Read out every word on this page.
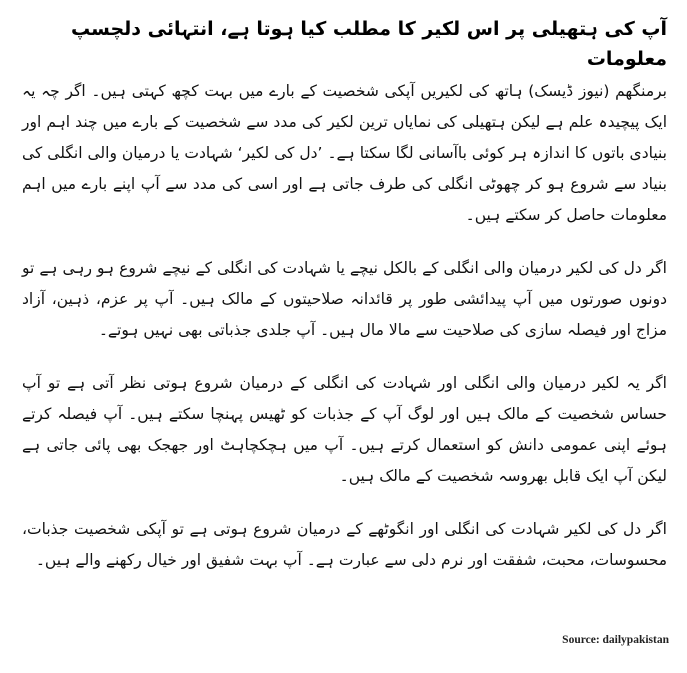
آپ کی ہتھیلی پر اس لکیر کا مطلب کیا ہوتا ہے، انتہائی دلچسپ معلومات

برمنگھم (نیوز ڈیسک) ہاتھ کی لکیریں آپکی شخصیت کے بارے میں بہت کچھ کہتی ہیں۔ اگر چہ یہ ایک پیچیدہ علم ہے لیکن ہتھیلی کی نمایاں ترین لکیر کی مدد سے شخصیت کے بارے میں چند اہم اور بنیادی باتوں کا اندازہ ہر کوئی باآسانی لگا سکتا ہے۔ ’دل کی لکیر‘ شہادت یا درمیان والی انگلی کی بنیاد سے شروع ہو کر چھوٹی انگلی کی طرف جاتی ہے اور اسی کی مدد سے آپ اپنے بارے میں اہم معلومات حاصل کر سکتے ہیں۔

اگر دل کی لکیر درمیان والی انگلی کے بالکل نیچے یا شہادت کی انگلی کے نیچے شروع ہو رہی ہے تو دونوں صورتوں میں آپ پیدائشی طور پر قائدانہ صلاحیتوں کے مالک ہیں۔ آپ پر عزم، ذہین، آزاد مزاج اور فیصلہ سازی کی صلاحیت سے مالا مال ہیں۔ آپ جلدی جذباتی بھی نہیں ہوتے۔

اگر یہ لکیر درمیان والی انگلی اور شہادت کی انگلی کے درمیان شروع ہوتی نظر آتی ہے تو آپ حساس شخصیت کے مالک ہیں اور لوگ آپ کے جذبات کو ٹھیس پہنچا سکتے ہیں۔ آپ فیصلہ کرتے ہوئے اپنی عمومی دانش کو استعمال کرتے ہیں۔ آپ میں ہچکچاہٹ اور جھجک بھی پائی جاتی ہے لیکن آپ ایک قابل بھروسہ شخصیت کے مالک ہیں۔

اگر دل کی لکیر شہادت کی انگلی اور انگوٹھے کے درمیان شروع ہوتی ہے تو آپکی شخصیت جذبات، محسوسات، محبت، شفقت اور نرم دلی سے عبارت ہے۔ آپ بہت شفیق اور خیال رکھنے والے ہیں۔

Source: dailypakistan
